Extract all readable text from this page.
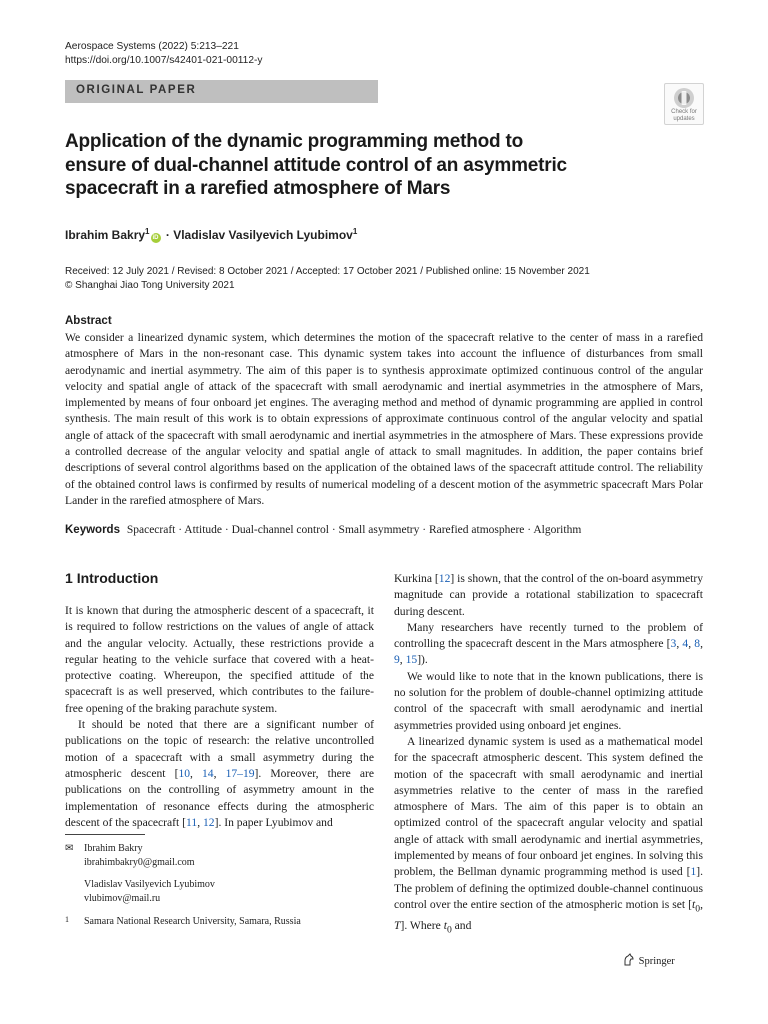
Aerospace Systems (2022) 5:213–221
https://doi.org/10.1007/s42401-021-00112-y
ORIGINAL PAPER
Check for
updates
Application of the dynamic programming method to ensure of dual-channel attitude control of an asymmetric spacecraft in a rarefied atmosphere of Mars
Ibrahim Bakry$^1$iD · Vladislav Vasilyevich Lyubimov$^1$
Received: 12 July 2021 / Revised: 8 October 2021 / Accepted: 17 October 2021 / Published online: 15 November 2021
© Shanghai Jiao Tong University 2021
Abstract
We consider a linearized dynamic system, which determines the motion of the spacecraft relative to the center of mass in a rarefied atmosphere of Mars in the non-resonant case. This dynamic system takes into account the influence of disturbances from small aerodynamic and inertial asymmetry. The aim of this paper is to synthesis approximate optimized continuous control of the angular velocity and spatial angle of attack of the spacecraft with small aerodynamic and inertial asymmetries in the atmosphere of Mars, implemented by means of four onboard jet engines. The averaging method and method of dynamic programming are applied in control synthesis. The main result of this work is to obtain expressions of approximate continuous control of the angular velocity and spatial angle of attack of the spacecraft with small aerodynamic and inertial asymmetries in the atmosphere of Mars. These expressions provide a controlled decrease of the angular velocity and spatial angle of attack to small magnitudes. In addition, the paper contains brief descriptions of several control algorithms based on the application of the obtained laws of the spacecraft attitude control. The reliability of the obtained control laws is confirmed by results of numerical modeling of a descent motion of the asymmetric spacecraft Mars Polar Lander in the rarefied atmosphere of Mars.
Keywords Spacecraft · Attitude · Dual-channel control · Small asymmetry · Rarefied atmosphere · Algorithm
1 Introduction

It is known that during the atmospheric descent of a spacecraft, it is required to follow restrictions on the values of angle of attack and the angular velocity. Actually, these restrictions provide a regular heating to the vehicle surface that covered with a heat-protective coating. Whereupon, the specified attitude of the spacecraft is as well preserved, which contributes to the failure-free opening of the braking parachute system.

It should be noted that there are a significant number of publications on the topic of research: the relative uncontrolled motion of a spacecraft with a small asymmetry during the atmospheric descent [10, 14, 17–19]. Moreover, there are publications on the controlling of asymmetry amount in the implementation of resonance effects during the atmospheric descent of the spacecraft [11, 12]. In paper Lyubimov and

Kurkina [12] is shown, that the control of the on-board asymmetry magnitude can provide a rotational stabilization to spacecraft during descent.

Many researchers have recently turned to the problem of controlling the spacecraft descent in the Mars atmosphere [3, 4, 8, 9, 15]).

We would like to note that in the known publications, there is no solution for the problem of double-channel optimizing attitude control of the spacecraft with small aerodynamic and inertial asymmetries provided using onboard jet engines.

A linearized dynamic system is used as a mathematical model for the spacecraft atmospheric descent. This system defined the motion of the spacecraft with small aerodynamic and inertial asymmetries relative to the center of mass in the rarefied atmosphere of Mars. The aim of this paper is to obtain an optimized control of the spacecraft angular velocity and spatial angle of attack with small aerodynamic and inertial asymmetries, implemented by means of four onboard jet engines. In solving this problem, the Bellman dynamic programming method is used [1]. The problem of defining the optimized double-channel continuous control over the entire section of the atmospheric motion is set [$t_0$, T]. Where $t_0$ and

✉ Ibrahim Bakry
ibrahimbakry0@gmail.com
Vladislav Vasilyevich Lyubimov
vlubimov@mail.ru
1 Samara National Research University, Samara, Russia
Springer
